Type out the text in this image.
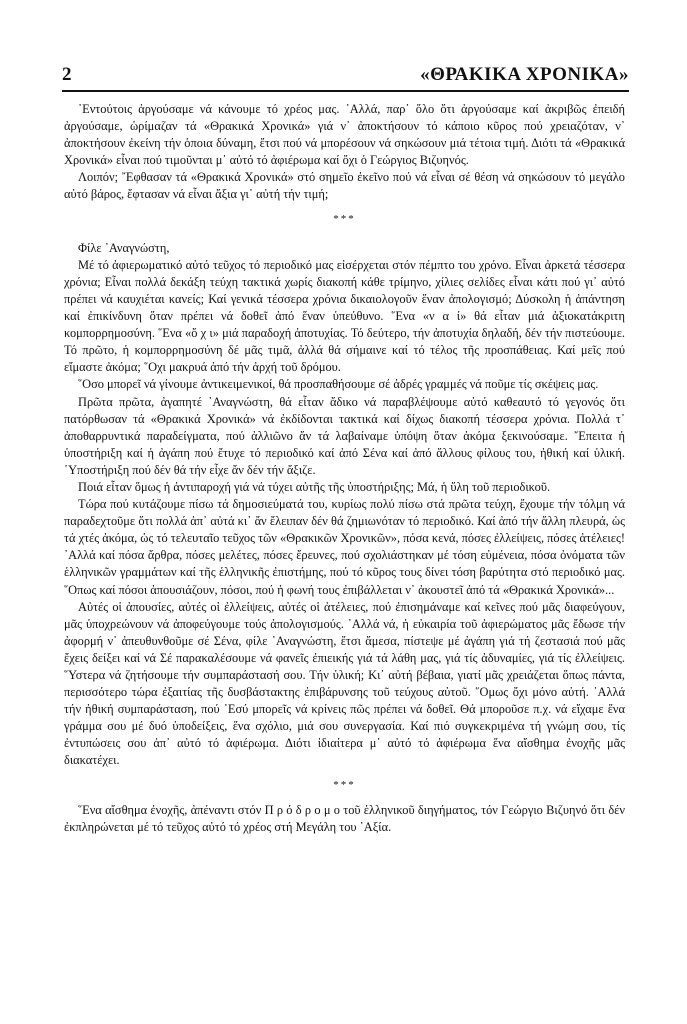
2	«ΘΡΑΚΙΚΑ ΧΡΟΝΙΚΑ»

᾿Εντούτοις ἀργούσαμε νά κάνουμε τό χρέος μας. ᾿Αλλά, παρ᾿ ὅλο ὅτι ἀργούσαμε καί ἀκριβῶς ἐπειδή ἀργούσαμε, ὡρίμαζαν τά «Θρακικά Χρονικά» γιά ν᾿ ἀποκτήσουν τό κάποιο κῦρος πού χρειαζόταν, ν᾿ ἀποκτήσουν ἐκείνη τήν ὁποια δύναμη, ἔτσι πού νά μπορέσουν νά σηκώσουν μιά τέτοια τιμή. Διότι τά «Θρακικά Χρονικά» εἶναι πού τιμοῦνται μ᾿ αὐτό τό ἀφιέρωμα καί ὄχι ὁ Γεώργιος Βιζυηνός.

Λοιπόν; ῎Εφθασαν τά «Θρακικά Χρονικά» στό σημεῖο ἐκεῖνο πού νά εἶναι σέ θέση νά σηκώσουν τό μεγάλο αὐτό βάρος, ἔφτασαν νά εἶναι ἄξια γι᾿ αὐτή τήν τιμή;

***

Φίλε ᾿Αναγνώστη,

Μέ τό ἀφιερωματικό αὐτό τεῦχος τό περιοδικό μας εἰσέρχεται στόν πέμπτο του χρόνο. Εἶναι ἀρκετά τέσσερα χρόνια; Εἶναι πολλά δεκάξη τεύχη τακτικά χωρίς διακοπή κάθε τρίμηνο, χίλιες σελίδες εἶναι κάτι πού γι᾿ αὐτό πρέπει νά καυχιέται κανείς; Καί γενικά τέσσερα χρόνια δικαιολογοῦν ἕναν ἀπολογισμό; Δύσκολη ἡ ἀπάντηση καί ἐπικίνδυνη ὅταν πρέπει νά δοθεῖ ἀπό ἕναν ὑπεύθυνο. ῞Ενα «ν α ί» θά εἶταν μιά ἀξιοκατάκριτη κομπορρημοσύνη. ῞Ενα «ὄ χ ι» μιά παραδοχή ἀποτυχίας. Τό δεύτερο, τήν ἀποτυχία δηλαδή, δέν τήν πιστεύουμε. Τό πρῶτο, ἡ κομπορρημοσύνη δέ μᾶς τιμᾶ, ἀλλά θά σήμαινε καί τό τέλος τῆς προσπάθειας. Καί μεῖς πού εἴμαστε ἀκόμα; ῞Οχι μακρυά ἀπό τήν ἀρχή τοῦ δρόμου.

῞Οσο μπορεῖ νά γίνουμε ἀντικειμενικοί, θά προσπαθήσουμε σέ ἀδρές γραμμές νά ποῦμε τίς σκέψεις μας.

Πρῶτα πρῶτα, ἀγαπητέ ᾿Αναγνώστη, θά εἶταν ἄδικο νά παραβλέψουμε αὐτό καθεαυτό τό γεγονός ὅτι πατόρθωσαν τά «Θρακικά Χρονικά» νά ἐκδίδονται τακτικά καί δίχως διακοπή τέσσερα χρόνια. Πολλά τ᾿ ἀποθαρρυντικά παραδείγματα, πού ἀλλιῶνο ἄν τά λαβαίναμε ὑπόψη ὅταν ἀκόμα ξεκινούσαμε. ῎Επειτα ἡ ὑποστήριξη καί ἡ ἀγάπη πού ἔτυχε τό περιοδικό καί ἀπό Σένα καί ἀπό ἄλλους φίλους του, ἠθική καί ὑλική. ῾Υποστήριξη πού δέν θά τήν εἶχε ἄν δέν τήν ἄξιζε.

Ποιά εἶταν ὅμως ἡ ἀντιπαροχή γιά νά τύχει αὐτῆς τῆς ὑποστήριξης; Μά, ἡ ὕλη τοῦ περιοδικοῦ.

Τώρα πού κυτάζουμε πίσω τά δημοσιεύματά του, κυρίως πολύ πίσω στά πρῶτα τεύχη, ἔχουμε τήν τόλμη νά παραδεχτοῦμε ὅτι πολλά ἀπ᾿ αὐτά κι᾿ ἄν ἔλειπαν δέν θά ζημιωνόταν τό περιοδικό. Καί ἀπό τήν ἄλλη πλευρά, ὡς τά χτές ἀκόμα, ὡς τό τελευταῖο τεῦχος τῶν «Θρακικῶν Χρονικῶν», πόσα κενά, πόσες ἐλλείψεις, πόσες ἀτέλειες! ᾿Αλλά καί πόσα ἄρθρα, πόσες μελέτες, πόσες ἔρευνες, πού σχολιάστηκαν μέ τόση εὐμένεια, πόσα ὀνόματα τῶν ἑλληνικῶν γραμμάτων καί τῆς ἑλληνικῆς ἐπιστήμης, πού τό κῦρος τους δίνει τόση βαρύτητα στό περιοδικό μας. ῞Οπως καί πόσοι ἀπουσιάζουν, πόσοι, πού ἡ φωνή τους ἐπιβάλλεται ν᾿ ἀκουστεῖ ἀπό τά «Θρακικά Χρονικά»...

Αὐτές οἱ ἀπουσίες, αὐτές οἱ ἐλλείψεις, αὐτές οἱ ἀτέλειες, πού ἐπισημάναμε καί κεῖνες πού μᾶς διαφεύγουν, μᾶς ὑποχρεώνουν νά ἀποφεύγουμε τούς ἀπολογισμούς. ᾿Αλλά νά, ἡ εὐκαιρία τοῦ ἀφιερώματος μᾶς ἔδωσε τήν ἀφορμή ν᾿ ἀπευθυνθοῦμε σέ Σένα, φίλε ᾿Αναγνώστη, ἔτσι ἄμεσα, πίστεψε μέ ἀγάπη γιά τή ζεστασιά πού μᾶς ἔχεις δείξει καί νά Σέ παρακαλέσουμε νά φανεῖς ἐπιεικής γιά τά λάθη μας, γιά τίς ἀδυναμίες, γιά τίς ἐλλείψεις. ῞Υστερα νά ζητήσουμε τήν συμπαράστασή σου. Τήν ὑλική; Κι᾿ αὐτή βέβαια, γιατί μᾶς χρειάζεται ὅπως πάντα, περισσότερο τώρα ἐξαιτίας τῆς δυσβάστακτης ἐπιβάρυνσης τοῦ τεύχους αὐτοῦ. ῞Ομως ὄχι μόνο αὐτή. ᾿Αλλά τήν ἠθική συμπαράσταση, πού ᾿Εσύ μπορεῖς νά κρίνεις πῶς πρέπει νά δοθεῖ. Θά μποροῦσε π.χ. νά εἴχαμε ἕνα γράμμα σου μέ δυό ὑποδείξεις, ἕνα σχόλιο, μιά σου συνεργασία. Καί πιό συγκεκριμένα τή γνώμη σου, τίς ἐντυπώσεις σου ἀπ᾿ αὐτό τό ἀφιέρωμα. Διότι ἰδιαίτερα μ᾿ αὐτό τό ἀφιέρωμα ἕνα αἴσθημα ἐνοχῆς μᾶς διακατέχει.

***

῞Ενα αἴσθημα ἐνοχῆς, ἀπέναντι στόν Π ρ ό δ ρ ο μ ο τοῦ ἑλληνικοῦ διηγήματος, τόν Γεώργιο Βιζυηνό ὅτι δέν ἐκπληρώνεται μέ τό τεῦχος αὐτό τό χρέος στή Μεγάλη του ᾿Αξία.
